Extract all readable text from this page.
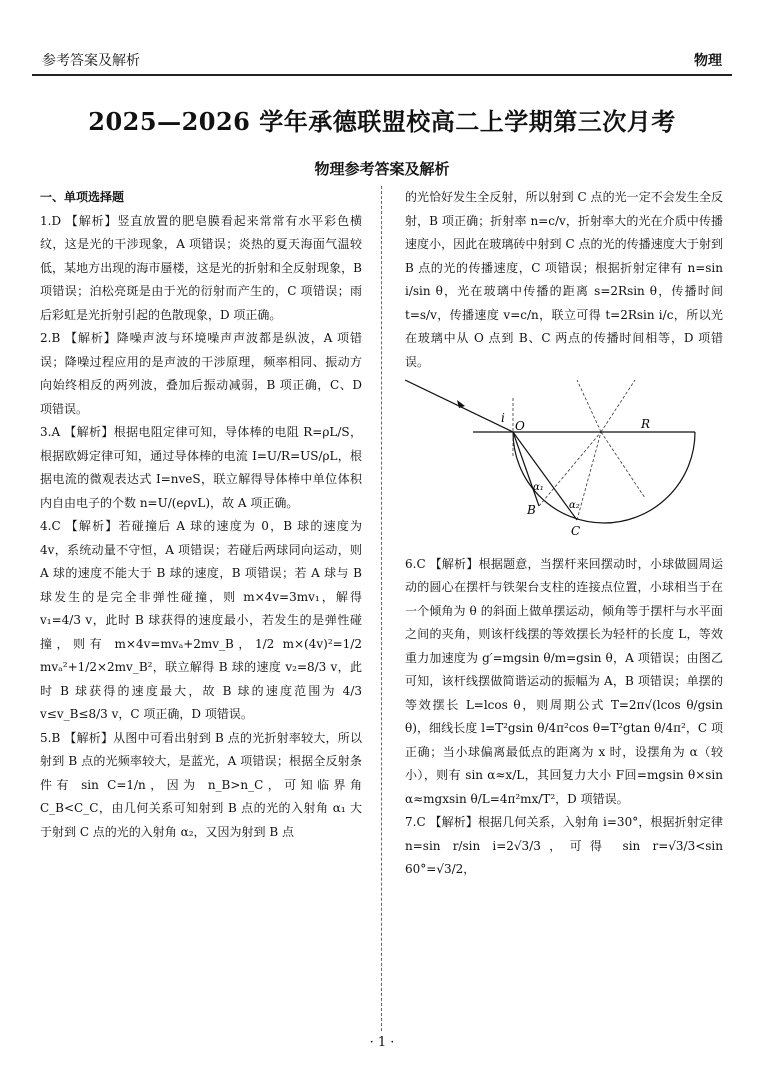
参考答案及解析	物理
2025—2026 学年承德联盟校高二上学期第三次月考
物理参考答案及解析
一、单项选择题

1.D 【解析】竖直放置的肥皂膜看起来常常有水平彩色横纹，这是光的干涉现象，A 项错误；炎热的夏天海面气温较低，某地方出现的海市蜃楼，这是光的折射和全反射现象，B 项错误；泊松亮斑是由于光的衍射而产生的，C 项错误；雨后彩虹是光折射引起的色散现象，D 项正确。

2.B 【解析】降噪声波与环境噪声声波都是纵波，A 项错误；降噪过程应用的是声波的干涉原理，频率相同、振动方向始终相反的两列波，叠加后振动减弱，B 项正确，C、D 项错误。

3.A 【解析】根据电阻定律可知，导体棒的电阻 R=ρL/S，根据欧姆定律可知，通过导体棒的电流 I=U/R=US/ρL，根据电流的微观表达式 I=nveS，联立解得导体棒中单位体积内自由电子的个数 n=U/(eρvL)，故 A 项正确。

4.C 【解析】若碰撞后 A 球的速度为 0，B 球的速度为 4v，系统动量不守恒，A 项错误；若碰后两球同向运动，则 A 球的速度不能大于 B 球的速度，B 项错误；若 A 球与 B 球发生的是完全非弹性碰撞，则 m×4v=3mv₁，解得 v₁=4/3 v，此时 B 球获得的速度最小，若发生的是弹性碰撞，则有 m×4v=mvₐ+2mv_B，1/2 m×(4v)²=1/2 mvₐ²+1/2×2mv_B²，联立解得 B 球的速度 v₂=8/3 v，此时 B 球获得的速度最大，故 B 球的速度范围为 4/3 v≤v_B≤8/3 v，C 项正确，D 项错误。

5.B 【解析】从图中可看出射到 B 点的光折射率较大，所以射到 B 点的光频率较大，是蓝光，A 项错误；根据全反射条件有 sin C=1/n，因为 n_B>n_C，可知临界角 C_B<C_C，由几何关系可知射到 B 点的光的入射角 α₁ 大于射到 C 点的光的入射角 α₂，又因为射到 B 点

的光恰好发生全反射，所以射到 C 点的光一定不会发生全反射，B 项正确；折射率 n=c/v，折射率大的光在介质中传播速度小，因此在玻璃砖中射到 C 点的光的传播速度大于射到 B 点的光的传播速度，C 项错误；根据折射定律有 n=sin i/sin θ，光在玻璃中传播的距离 s=2Rsin θ，传播时间 t=s/v，传播速度 v=c/n，联立可得 t=2Rsin i/c，所以光在玻璃中从 O 点到 B、C 两点的传播时间相等，D 项错误。

i
O	R
B
C
α₁
α₂

6.C 【解析】根据题意，当摆杆来回摆动时，小球做圆周运动的圆心在摆杆与铁架台支柱的连接点位置，小球相当于在一个倾角为 θ 的斜面上做单摆运动，倾角等于摆杆与水平面之间的夹角，则该杆线摆的等效摆长为轻杆的长度 L，等效重力加速度为 g′=mgsin θ/m=gsin θ，A 项错误；由图乙可知，该杆线摆做简谐运动的振幅为 A，B 项错误；单摆的等效摆长 L=lcos θ，则周期公式 T=2π√(lcos θ/gsin θ)，细线长度 l=T²gsin θ/4π²cos θ=T²gtan θ/4π²，C 项正确；当小球偏离最低点的距离为 x 时，设摆角为 α（较小），则有 sin α≈x/L，其回复力大小 F回=mgsin θ×sin α≈mgxsin θ/L=4π²mx/T²，D 项错误。

7.C 【解析】根据几何关系，入射角 i=30°，根据折射定律 n=sin r/sin i=2√3/3，可得 sin r=√3/3<sin 60°=√3/2，

· 1 ·
